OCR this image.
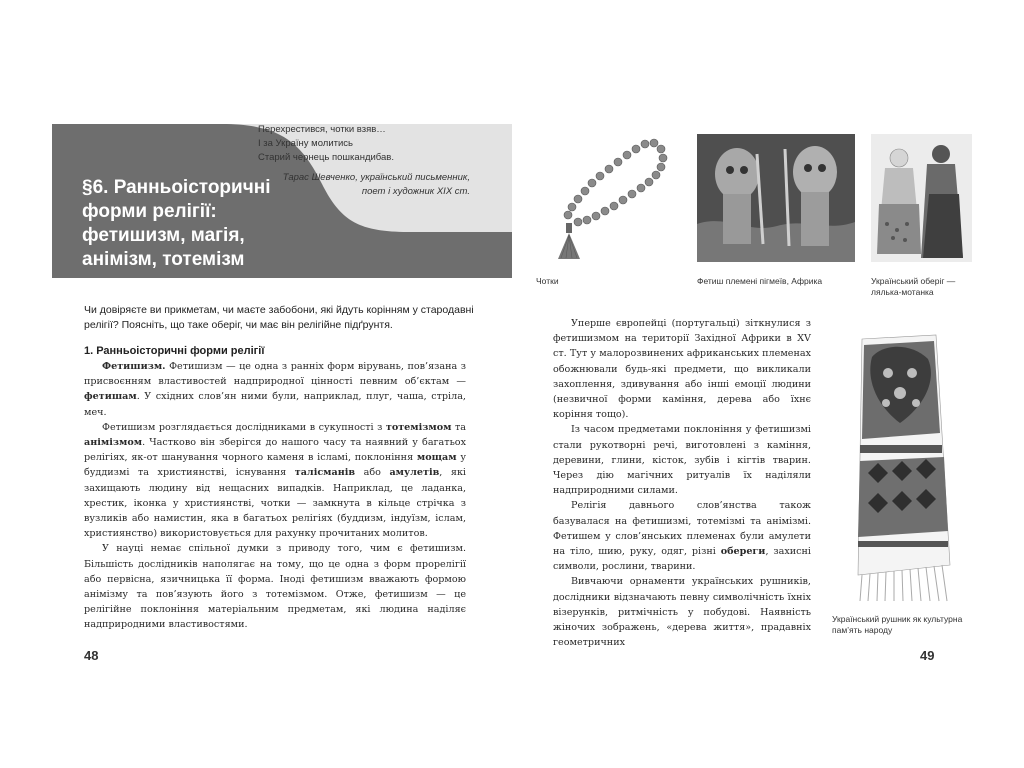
§6. Ранньоісторичні
форми релігії:
фетишизм, магія,
анімізм, тотемізм
Перехрестився, чотки взяв…
І за Україну молитись
Старий чернець пошкандибав.
Тарас Шевченко, український письменник,
поет і художник XIX ст.
Чи довіряєте ви прикметам, чи маєте забобони, які йдуть корінням у стародавні релігії? Поясніть, що таке оберіг, чи має він релігійне підґрунтя.
1. Ранньоісторичні форми релігії

Фетишизм. Фетишизм — це одна з ранніх форм вірувань, пов’язана з присвоєнням властивостей надприродної цінності певним об’єктам — фетишам. У східних слов’ян ними були, наприклад, плуг, чаша, стріла, меч.

Фетишизм розглядається дослідниками в сукупності з тотемізмом та анімізмом. Частково він зберігся до нашого часу та наявний у багатьох релігіях, як-от шанування чорного каменя в ісламі, поклоніння мощам у буддизмі та християнстві, існування талісманів або амулетів, які захищають людину від нещасних випадків. Наприклад, це ладанка, хрестик, іконка у християнстві, чотки — замкнута в кільце стрічка з вузликів або намистин, яка в багатьох релігіях (буддизм, індуїзм, іслам, християнство) використовується для рахунку прочитаних молитов.

У науці немає спільної думки з приводу того, чим є фетишизм. Більшість дослідників наполягає на тому, що це одна з форм прорелігії або первісна, язичницька її форма. Іноді фетишизм вважають формою анімізму та пов’язують його з тотемізмом. Отже, фетишизм — це релігійне поклоніння матеріальним предметам, які людина наділяє надприродними властивостями.

48
Чотки	Фетиш племені пігмеїв, Африка	Український оберіг —
лялька-мотанка

Уперше європейці (португальці) зіткнулися з фетишизмом на території Західної Африки в XV ст. Тут у малорозвинених африканських племенах обожнювали будь-які предмети, що викликали захоплення, здивування або інші емоції людини (незвичної форми каміння, дерева або їхнє коріння тощо).

Із часом предметами поклоніння у фетишизмі стали рукотворні речі, виготовлені з каміння, деревини, глини, кісток, зубів і кігтів тварин. Через дію магічних ритуалів їх наділяли надприродними силами.

Релігія давнього слов’янства також базувалася на фетишизмі, тотемізмі та анімізмі. Фетишем у слов’янських племенах були амулети на тіло, шию, руку, одяг, різні обереги, захисні символи, рослини, тварини.

Вивчаючи орнаменти українських рушників, дослідники відзначають певну символічність їхніх візерунків, ритмічність у побудові. Наявність жіночих зображень, «дерева життя», прадавніх геометричних

Український рушник як культурна
пам’ять народу
49
